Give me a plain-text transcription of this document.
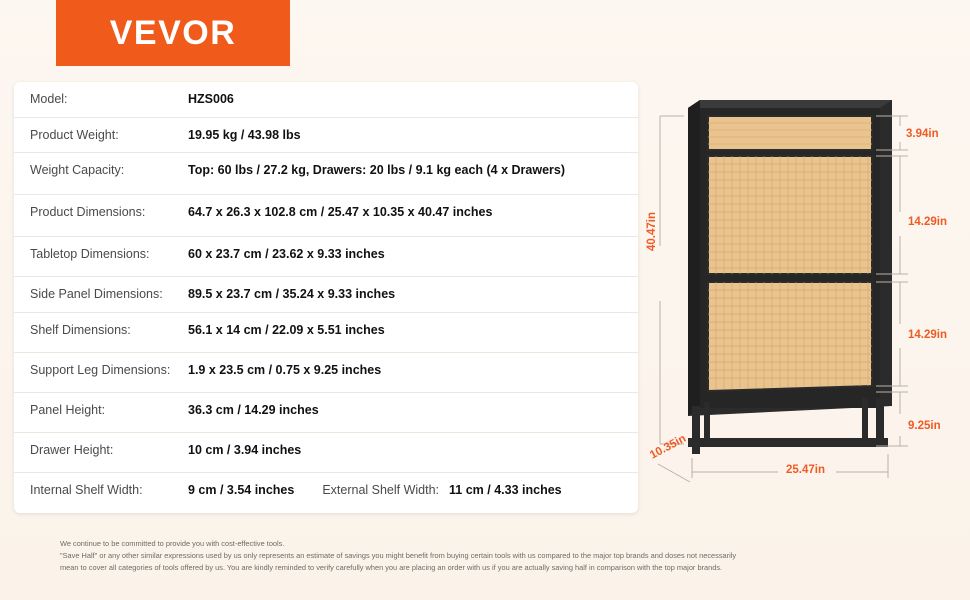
VEVOR
Model:	HZS006
Product Weight:	19.95 kg / 43.98 lbs
Weight Capacity:	Top: 60 lbs / 27.2 kg, Drawers: 20 lbs / 9.1 kg each (4 x Drawers)
Product Dimensions:	64.7 x 26.3 x 102.8 cm / 25.47 x 10.35 x 40.47 inches
Tabletop Dimensions:	60 x 23.7 cm / 23.62 x 9.33 inches
Side Panel Dimensions:	89.5 x 23.7 cm / 35.24 x 9.33 inches
Shelf Dimensions:	56.1 x 14 cm / 22.09 x 5.51 inches
Support Leg Dimensions:	1.9 x 23.5 cm / 0.75 x 9.25 inches
Panel Height:	36.3 cm / 14.29 inches
Drawer Height:	10 cm / 3.94 inches
Internal Shelf Width:	9 cm / 3.54 inches External Shelf Width: 11 cm / 4.33 inches
We continue to be committed to provide you with cost-effective tools.
"Save Half" or any other similar expressions used by us only represents an estimate of savings you might benefit from buying certain tools with us compared to the major top brands and doses not necessarily
mean to cover all categories of tools offered by us. You are kindly reminded to verify carefully when you are placing an order with us if you are actually saving half in comparison with the top major brands.
3.94in
14.29in
14.29in
9.25in
40.47in
25.47in
10.35in
